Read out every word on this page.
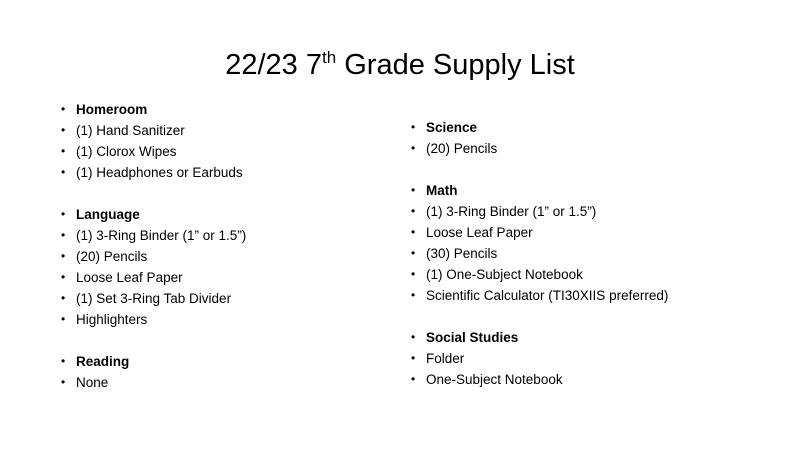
22/23 7th Grade Supply List
• Homeroom
• (1) Hand Sanitizer
• (1) Clorox Wipes
• (1) Headphones or Earbuds
• Language
• (1) 3-Ring Binder (1” or 1.5”)
• (20) Pencils
• Loose Leaf Paper
• (1) Set 3-Ring Tab Divider
• Highlighters
• Reading
• None
• Science
• (20) Pencils
• Math
• (1) 3-Ring Binder (1” or 1.5”)
• Loose Leaf Paper
• (30) Pencils
• (1) One-Subject Notebook
• Scientific Calculator (TI30XIIS preferred)
• Social Studies
• Folder
• One-Subject Notebook
